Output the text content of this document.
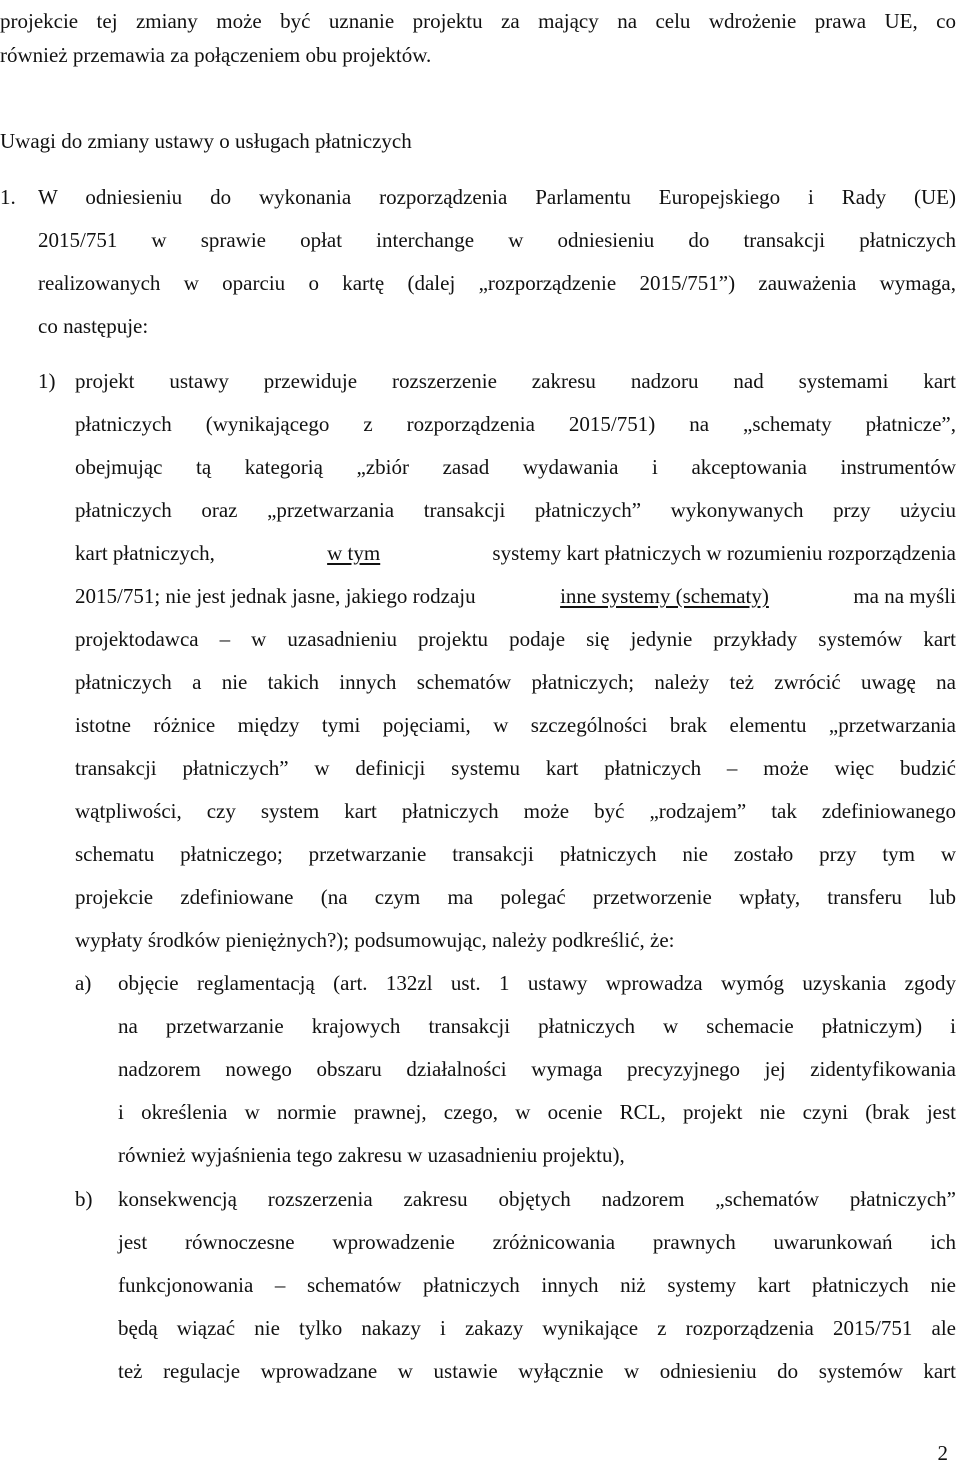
projekcie tej zmiany może być uznanie projektu za mający na celu wdrożenie prawa UE, co
również przemawia za połączeniem obu projektów.
Uwagi do zmiany ustawy o usługach płatniczych
1. W odniesieniu do wykonania rozporządzenia Parlamentu Europejskiego i Rady (UE)
2015/751 w sprawie opłat interchange w odniesieniu do transakcji płatniczych
realizowanych w oparciu o kartę (dalej „rozporządzenie 2015/751”) zauważenia wymaga,
co następuje:
1) projekt ustawy przewiduje rozszerzenie zakresu nadzoru nad systemami kart
płatniczych (wynikającego z rozporządzenia 2015/751) na „schematy płatnicze”,
obejmując tą kategorią „zbiór zasad wydawania i akceptowania instrumentów
płatniczych oraz „przetwarzania transakcji płatniczych” wykonywanych przy użyciu
kart płatniczych,	w tym	systemy kart płatniczych w rozumieniu rozporządzenia
2015/751; nie jest jednak jasne, jakiego rodzaju	inne systemy (schematy)	ma na myśli
projektodawca – w uzasadnieniu projektu podaje się jedynie przykłady systemów kart
płatniczych a nie takich innych schematów płatniczych; należy też zwrócić uwagę na
istotne różnice między tymi pojęciami, w szczególności brak elementu „przetwarzania
transakcji płatniczych” w definicji systemu kart płatniczych – może więc budzić
wątpliwości, czy system kart płatniczych może być „rodzajem” tak zdefiniowanego
schematu płatniczego; przetwarzanie transakcji płatniczych nie zostało przy tym w
projekcie zdefiniowane (na czym ma polegać przetworzenie wpłaty, transferu lub
wypłaty środków pieniężnych?); podsumowując, należy podkreślić, że:
a) objęcie reglamentacją (art. 132zl ust. 1 ustawy wprowadza wymóg uzyskania zgody
na przetwarzanie krajowych transakcji płatniczych w schemacie płatniczym) i
nadzorem nowego obszaru działalności wymaga precyzyjnego jej zidentyfikowania
i określenia w normie prawnej, czego, w ocenie RCL, projekt nie czyni (brak jest
również wyjaśnienia tego zakresu w uzasadnieniu projektu),
b) konsekwencją rozszerzenia zakresu objętych nadzorem „schematów płatniczych”
jest równoczesne wprowadzenie zróżnicowania prawnych uwarunkowań ich
funkcjonowania – schematów płatniczych innych niż systemy kart płatniczych nie
będą wiązać nie tylko nakazy i zakazy wynikające z rozporządzenia 2015/751 ale
też regulacje wprowadzane w ustawie wyłącznie w odniesieniu do systemów kart
2
